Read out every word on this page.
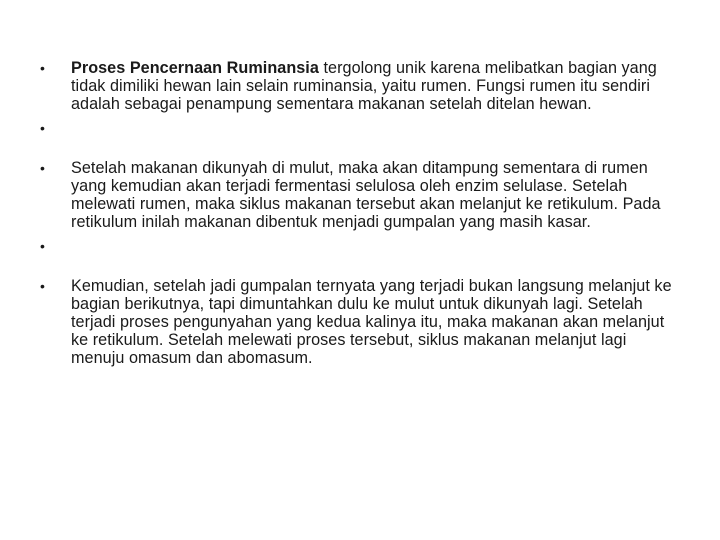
•	Proses Pencernaan Ruminansia tergolong unik karena melibatkan bagian yang tidak dimiliki hewan lain selain ruminansia, yaitu rumen. Fungsi rumen itu sendiri adalah sebagai penampung sementara makanan setelah ditelan hewan.
•
•	Setelah makanan dikunyah di mulut, maka akan ditampung sementara di rumen yang kemudian akan terjadi fermentasi selulosa oleh enzim selulase. Setelah melewati rumen, maka siklus makanan tersebut akan melanjut ke retikulum. Pada retikulum inilah makanan dibentuk menjadi gumpalan yang masih kasar.
•
•	Kemudian, setelah jadi gumpalan ternyata yang terjadi bukan langsung melanjut ke bagian berikutnya, tapi dimuntahkan dulu ke mulut untuk dikunyah lagi. Setelah terjadi proses pengunyahan yang kedua kalinya itu, maka makanan akan melanjut ke retikulum. Setelah melewati proses tersebut, siklus makanan melanjut lagi menuju omasum dan abomasum.
